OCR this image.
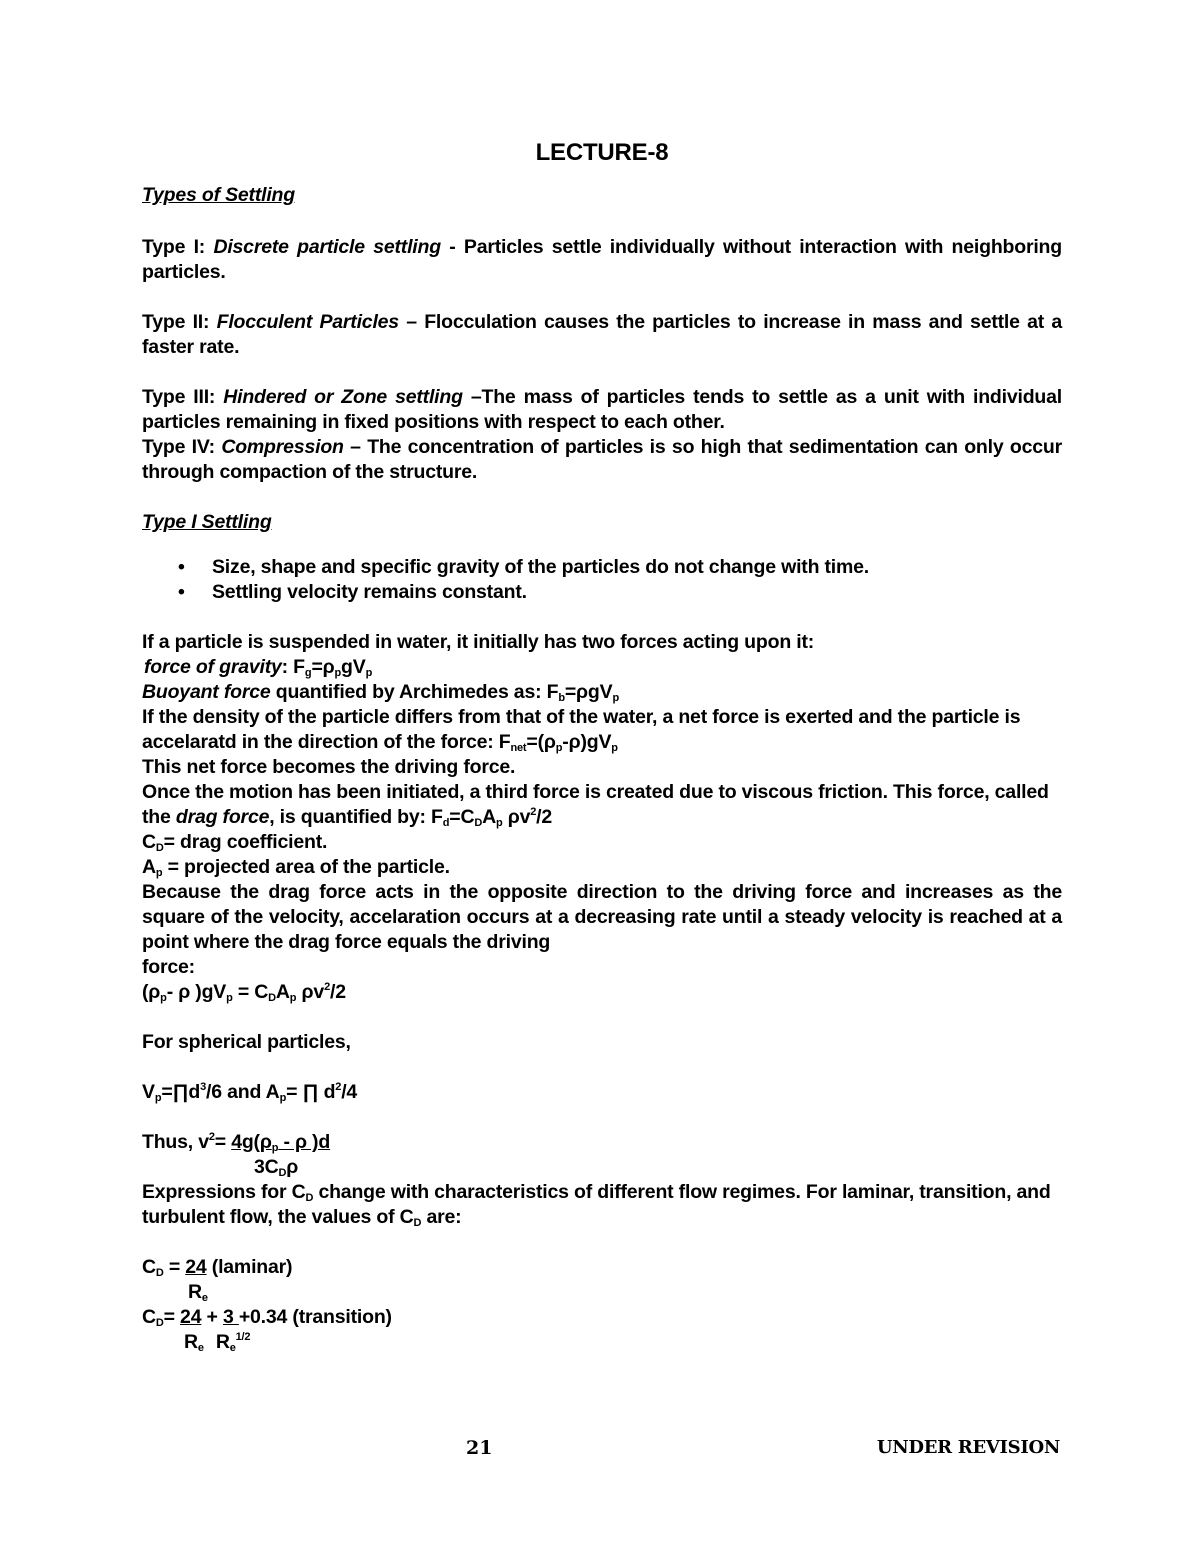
LECTURE-8
Types of Settling

Type I: Discrete particle settling - Particles settle individually without interaction with neighboring particles.

Type II: Flocculent Particles – Flocculation causes the particles to increase in mass and settle at a faster rate.

Type III: Hindered or Zone settling –The mass of particles tends to settle as a unit with individual particles remaining in fixed positions with respect to each other.

Type IV: Compression – The concentration of particles is so high that sedimentation can only occur through compaction of the structure.

Type I Settling
• Size, shape and specific gravity of the particles do not change with time.
• Settling velocity remains constant.
If a particle is suspended in water, it initially has two forces acting upon it:
force of gravity: $F_g=\rho_pgV_p$
Buoyant force quantified by Archimedes as: $F_b=\rho gV_p$
If the density of the particle differs from that of the water, a net force is exerted and the particle is accelaratd in the direction of the force: $F_{net}=(\rho_p-\rho)gV_p$
This net force becomes the driving force.
Once the motion has been initiated, a third force is created due to viscous friction. This force, called the drag force, is quantified by: $F_d=C_DA_p$ $\rho v^2/2$
$C_D=$ drag coefficient.
$A_p$ = projected area of the particle.
Because the drag force acts in the opposite direction to the driving force and increases as the square of the velocity, accelaration occurs at a decreasing rate until a steady velocity is reached at a point where the drag force equals the driving
force:
($\rho_p-$ ρ )$gV_p = C_DA_p$ $\rho v^2/2$
For spherical particles,
$V_p=\prod d^3/6$ and $A_p=$ ∏ $d^2/4$
Thus, $v^2= 4g(\rho_p - \rho$ )d
$3C_D\rho$
Expressions for $C_D$ change with characteristics of different flow regimes. For laminar, transition, and turbulent flow, the values of $C_D$ are:
$C_D = 24$ (laminar)
$R_e$
$C_D= 24 + 3 +0.34$ (transition)
$R_e$ $R_e^{1/2}$
21	UNDER REVISION
